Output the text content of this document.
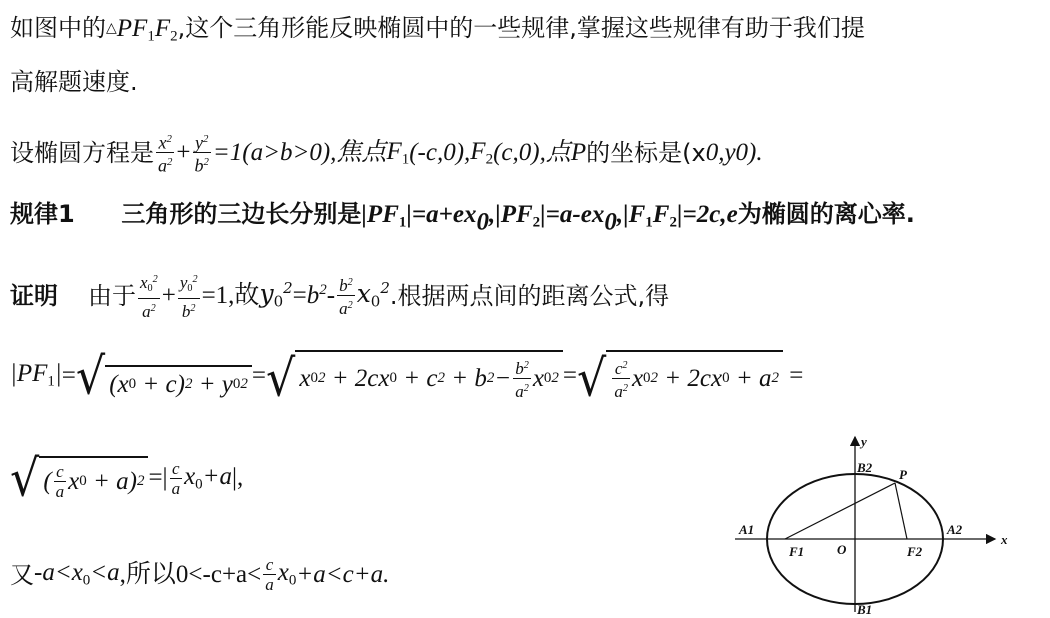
如图中的$\triangle PF_1F_2$,这个三角形能反映椭圆中的一些规律,掌握这些规律有助于我们提
高解题速度.
设椭圆方程是 $\frac{x^2}{a^2} + \frac{y^2}{b^2} =1(a>b>0)$,焦点 $F_1$ (-c,0), $F_2$ (c,0),点 P 的坐标是(x 0 ,y 0 ).
规律1 三角形的三边长分别是$|PF_1|=a+ex_0,|PF_2|=a-ex_0,|F_1F_2|=2c,e$为椭圆的离心率.
证明 由于 $\frac{x_0^2}{a^2} + \frac{y_0^2}{b^2} =1$,故 $y_0^2 = b^2 - \frac{b^2}{a^2} x_0^2$ . 根据两点间的距离公式,得
$|PF_1|$ = √ (x 0 + c) 2 + y 0 2 = √ x 0 2 + 2cx 0 + c 2 + b $2 - \frac{b^2}{a^2}$ x 0 2 = √ $\frac{c^2}{a^2}$ x 0 2 + 2cx 0 + a 2 =
√ ( $\frac{c}{a}$ x 0 + a) 2 =| $\frac{c}{a} x_0+a$ |,
又 $-a<x_0<a$ ,所以$0<-c+a< \frac{c}{a} x_0 +a<c+a$.
y
x
B2
B1
A1	A2
F1	F2
O
P
